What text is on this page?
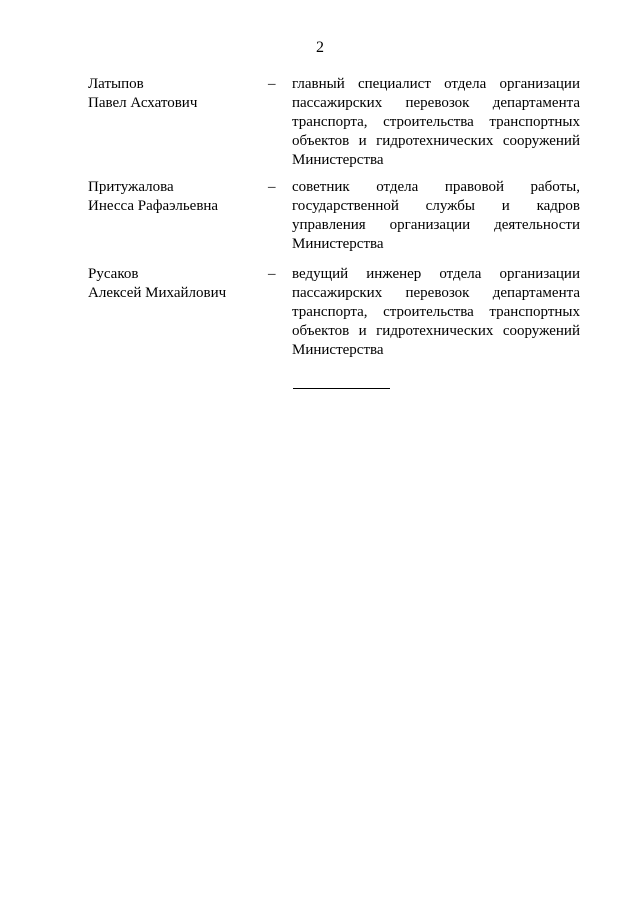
2
Латыпов
Павел Асхатович
– главный специалист отдела организации
пассажирских перевозок департамента
транспорта, строительства транспортных
объектов и гидротехнических сооружений
Министерства
Притужалова
Инесса Рафаэльевна
– советник отдела правовой работы,
государственной службы и кадров
управления организации деятельности
Министерства
Русаков
Алексей Михайлович
– ведущий инженер отдела организации
пассажирских перевозок департамента
транспорта, строительства транспортных
объектов и гидротехнических сооружений
Министерства
